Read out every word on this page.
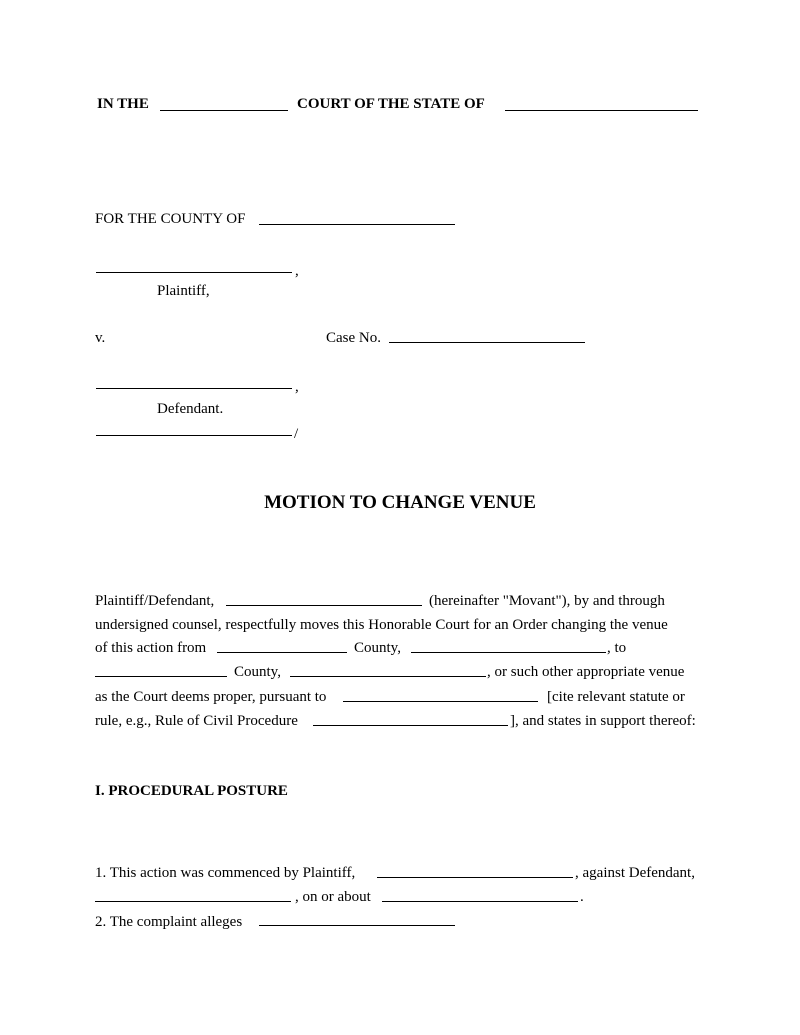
IN THE	COURT OF THE STATE OF
FOR THE COUNTY OF
,
Plaintiff,
v.	Case No.
,
Defendant.
/
MOTION TO CHANGE VENUE
Plaintiff/Defendant,	(hereinafter "Movant"), by and through
undersigned counsel, respectfully moves this Honorable Court for an Order changing the venue
of this action from	County,	, to
County,	, or such other appropriate venue
as the Court deems proper, pursuant to	[cite relevant statute or
rule, e.g., Rule of Civil Procedure	], and states in support thereof:
I. PROCEDURAL POSTURE
1. This action was commenced by Plaintiff,	, against Defendant,
, on or about	.
2. The complaint alleges
